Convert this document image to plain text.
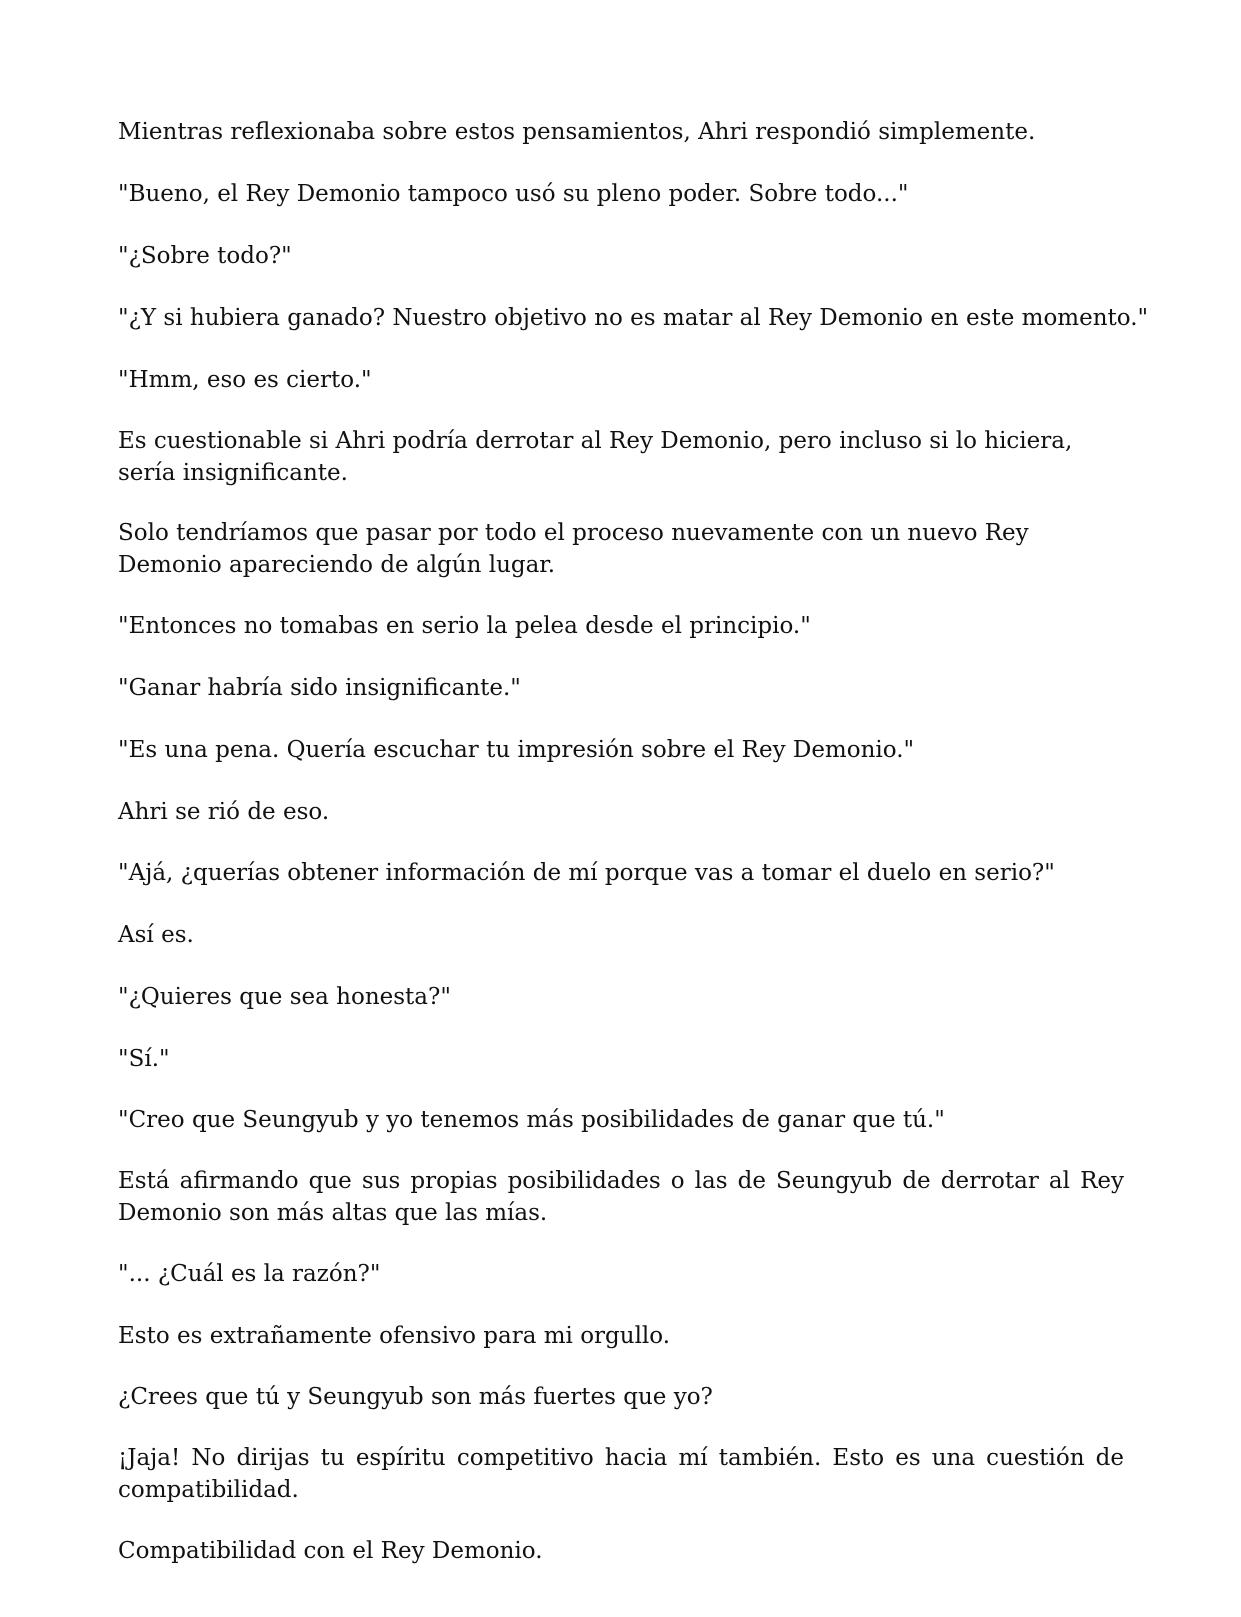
Mientras reflexionaba sobre estos pensamientos, Ahri respondió simplemente.

"Bueno, el Rey Demonio tampoco usó su pleno poder. Sobre todo..."

"¿Sobre todo?"

"¿Y si hubiera ganado? Nuestro objetivo no es matar al Rey Demonio en este momento."

"Hmm, eso es cierto."

Es cuestionable si Ahri podría derrotar al Rey Demonio, pero incluso si lo hiciera, sería insignificante.

Solo tendríamos que pasar por todo el proceso nuevamente con un nuevo Rey Demonio apareciendo de algún lugar.

"Entonces no tomabas en serio la pelea desde el principio."

"Ganar habría sido insignificante."

"Es una pena. Quería escuchar tu impresión sobre el Rey Demonio."

Ahri se rió de eso.

"Ajá, ¿querías obtener información de mí porque vas a tomar el duelo en serio?"

Así es.

"¿Quieres que sea honesta?"

"Sí."

"Creo que Seungyub y yo tenemos más posibilidades de ganar que tú."

Está afirmando que sus propias posibilidades o las de Seungyub de derrotar al Rey Demonio son más altas que las mías.

"... ¿Cuál es la razón?"

Esto es extrañamente ofensivo para mi orgullo.

¿Crees que tú y Seungyub son más fuertes que yo?

¡Jaja! No dirijas tu espíritu competitivo hacia mí también. Esto es una cuestión de compatibilidad.

Compatibilidad con el Rey Demonio.
